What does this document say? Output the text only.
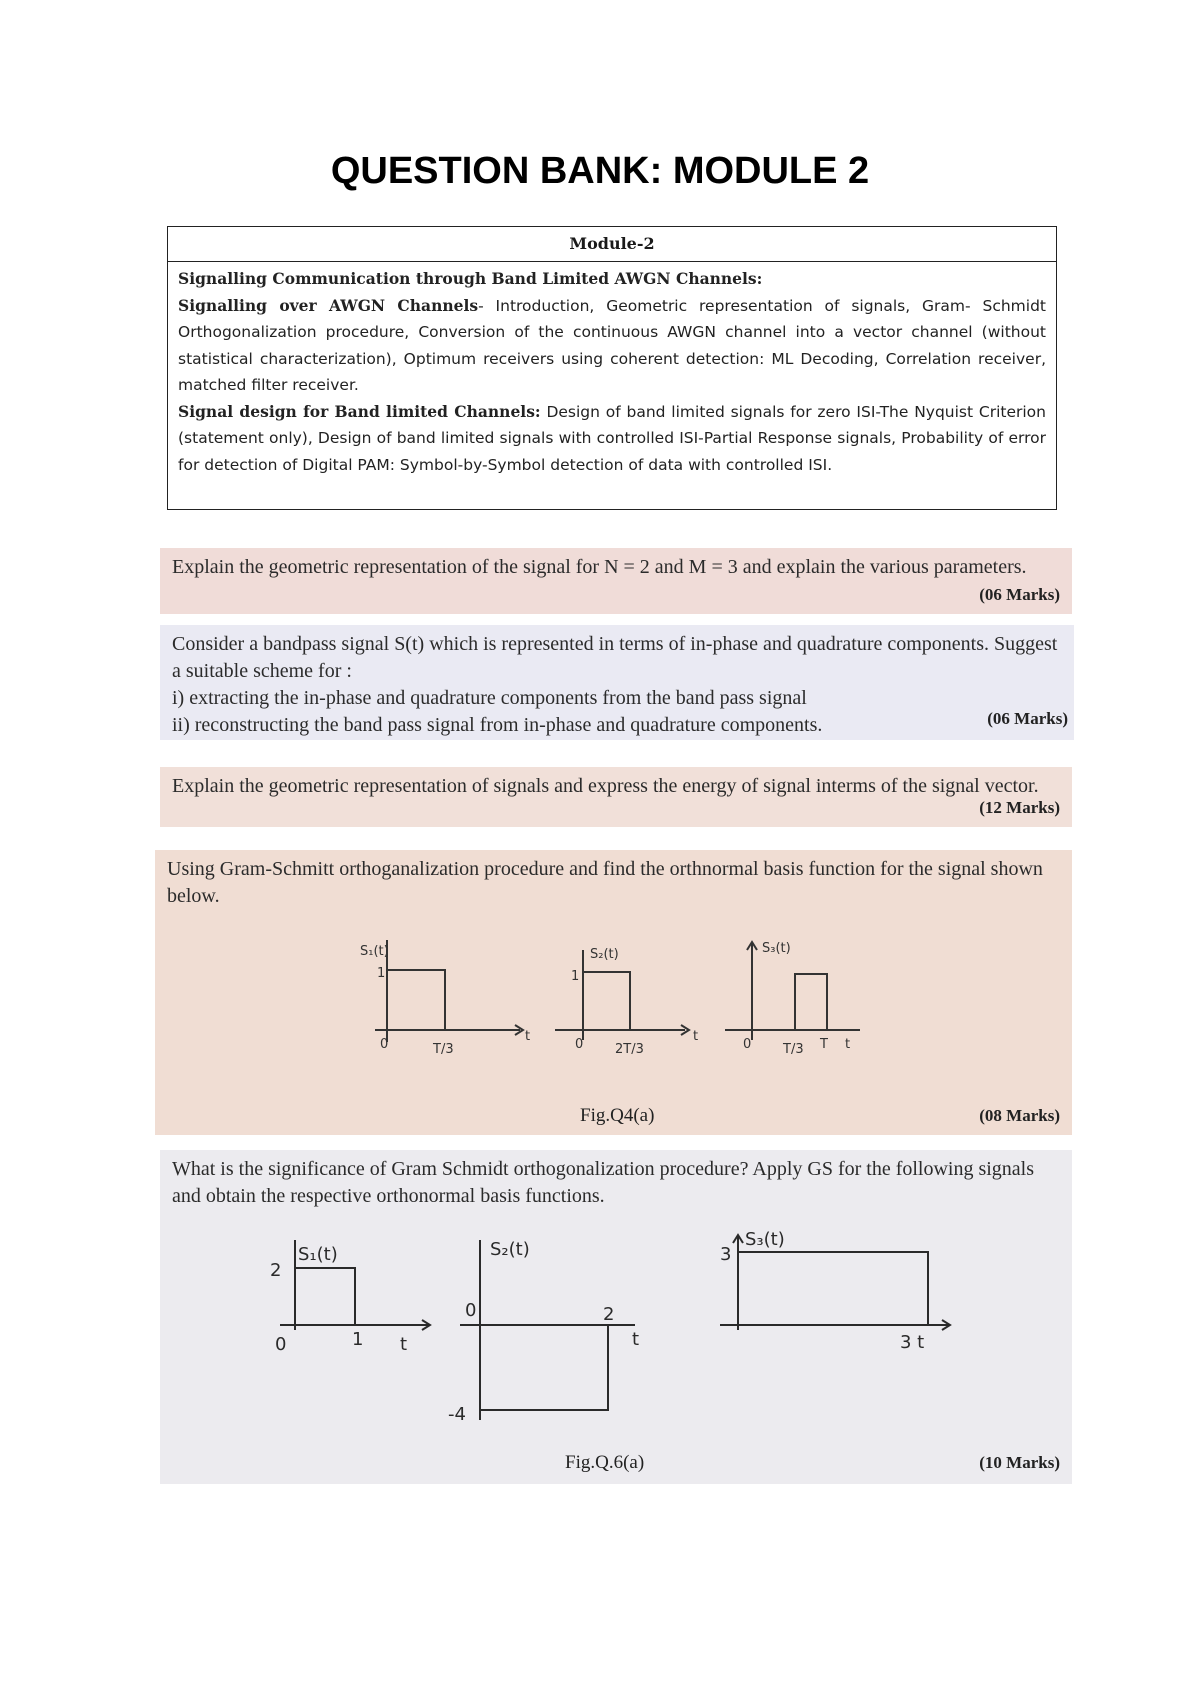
QUESTION BANK: MODULE 2
Module-2
Signalling Communication through Band Limited AWGN Channels:
Signalling over AWGN Channels- Introduction, Geometric representation of signals, Gram- Schmidt Orthogonalization procedure, Conversion of the continuous AWGN channel into a vector channel (without statistical characterization), Optimum receivers using coherent detection: ML Decoding, Correlation receiver, matched filter receiver.
Signal design for Band limited Channels: Design of band limited signals for zero ISI-The Nyquist Criterion (statement only), Design of band limited signals with controlled ISI-Partial Response signals, Probability of error for detection of Digital PAM: Symbol-by-Symbol detection of data with controlled ISI.
Explain the geometric representation of the signal for N = 2 and M = 3 and explain the various parameters.
(06 Marks)
Consider a bandpass signal S(t) which is represented in terms of in-phase and quadrature components. Suggest a suitable scheme for :
i) extracting the in-phase and quadrature components from the band pass signal
ii) reconstructing the band pass signal from in-phase and quadrature components.	(06 Marks)
Explain the geometric representation of signals and express the energy of signal interms of the signal vector.
(12 Marks)
Using Gram-Schmitt orthoganalization procedure and find the orthnormal basis function for the signal shown below.
S₁(t)
1
0	T/3
t
S₂(t)
1
0 2T/3
t
S₃(t)
0 T/3 T t
Fig.Q4(a)	(08 Marks)
What is the significance of Gram Schmidt orthogonalization procedure? Apply GS for the following signals and obtain the respective orthonormal basis functions.
S₁(t)
2
0	1 t
S₂(t)
0
-4
2
t
S₃(t)
3
3 t
Fig.Q.6(a)	(10 Marks)
